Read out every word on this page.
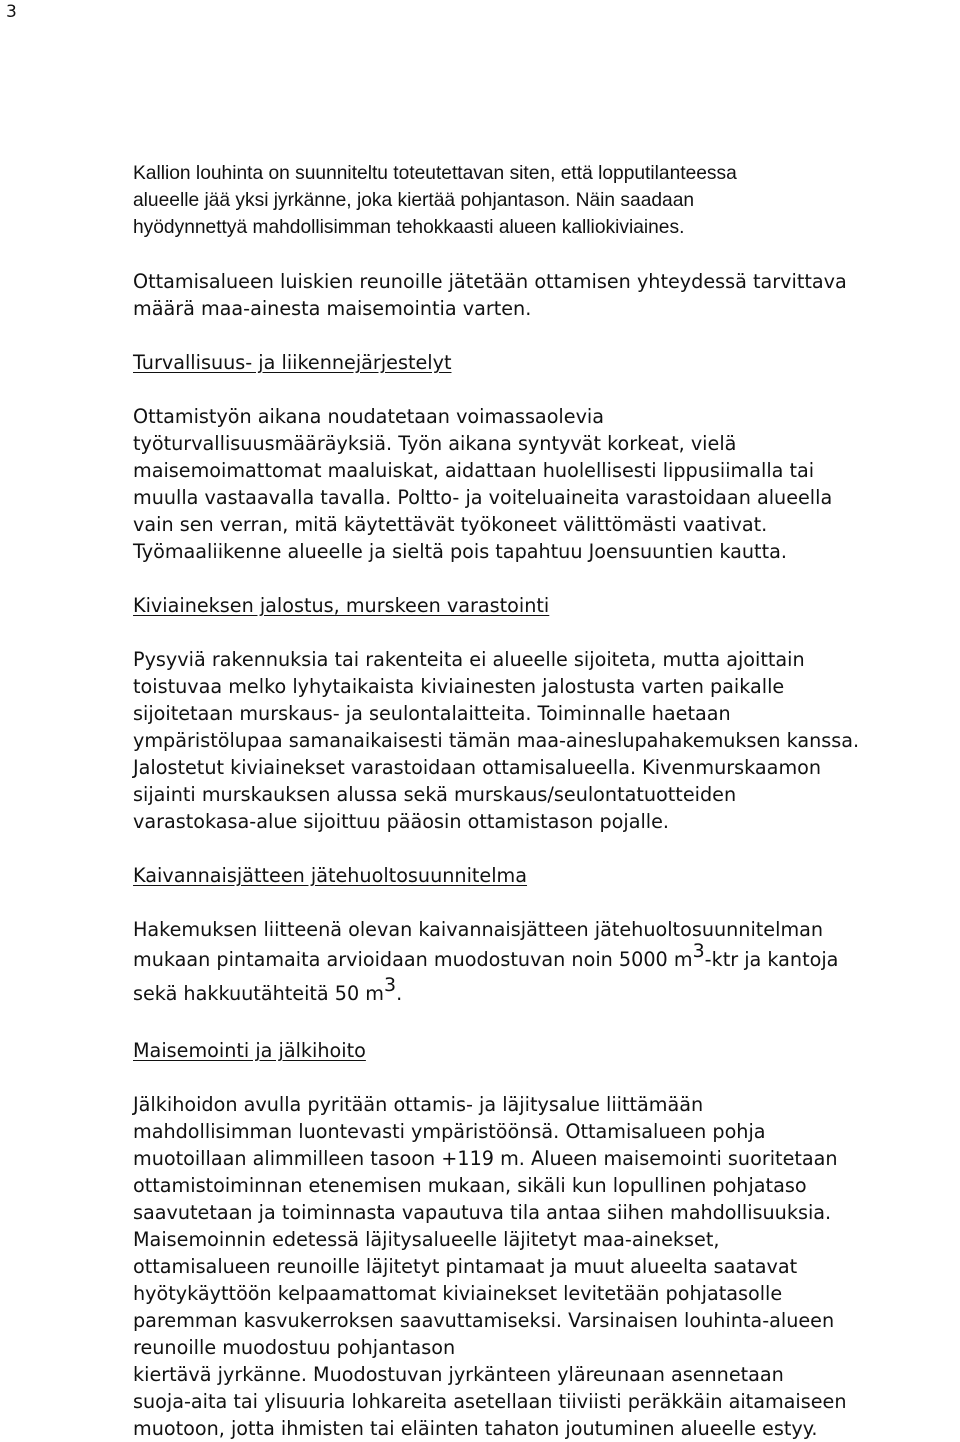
3
Kallion louhinta on suunniteltu toteutettavan siten, että lopputilanteessa
alueelle jää yksi jyrkänne, joka kiertää pohjantason. Näin saadaan
hyödynnettyä mahdollisimman tehokkaasti alueen kalliokiviaines.
Ottamisalueen luiskien reunoille jätetään ottamisen yhteydessä tarvittava
määrä maa-ainesta maisemointia varten.
Turvallisuus- ja liikennejärjestelyt
Ottamistyön aikana noudatetaan voimassaolevia
työturvallisuusmääräyksiä. Työn aikana syntyvät korkeat, vielä
maisemoimattomat maaluiskat, aidattaan huolellisesti lippusiimalla tai
muulla vastaavalla tavalla. Poltto- ja voiteluaineita varastoidaan alueella
vain sen verran, mitä käytettävät työkoneet välittömästi vaativat.
Työmaaliikenne alueelle ja sieltä pois tapahtuu Joensuuntien kautta.
Kiviaineksen jalostus, murskeen varastointi
Pysyviä rakennuksia tai rakenteita ei alueelle sijoiteta, mutta ajoittain
toistuvaa melko lyhytaikaista kiviainesten jalostusta varten paikalle
sijoitetaan murskaus- ja seulontalaitteita. Toiminnalle haetaan
ympäristölupaa samanaikaisesti tämän maa-aineslupahakemuksen kanssa.
Jalostetut kiviainekset varastoidaan ottamisalueella. Kivenmurskaamon
sijainti murskauksen alussa sekä murskaus/seulontatuotteiden
varastokasa-alue sijoittuu pääosin ottamistason pojalle.
Kaivannaisjätteen jätehuoltosuunnitelma
Hakemuksen liitteenä olevan kaivannaisjätteen jätehuoltosuunnitelman
mukaan pintamaita arvioidaan muodostuvan noin 5000 $m^3$-ktr ja kantoja
sekä hakkuutähteitä 50 $m^3$.
Maisemointi ja jälkihoito
Jälkihoidon avulla pyritään ottamis- ja läjitysalue liittämään
mahdollisimman luontevasti ympäristöönsä. Ottamisalueen pohja
muotoillaan alimmilleen tasoon +119 m. Alueen maisemointi suoritetaan
ottamistoiminnan etenemisen mukaan, sikäli kun lopullinen pohjataso
saavutetaan ja toiminnasta vapautuva tila antaa siihen mahdollisuuksia.
Maisemoinnin edetessä läjitysalueelle läjitetyt maa-ainekset,
ottamisalueen reunoille läjitetyt pintamaat ja muut alueelta saatavat
hyötykäyttöön kelpaamattomat kiviainekset levitetään pohjatasolle
paremman kasvukerroksen saavuttamiseksi. Varsinaisen louhinta-alueen
reunoille muodostuu pohjantason
kiertävä jyrkänne. Muodostuvan jyrkänteen yläreunaan asennetaan
suoja-aita tai ylisuuria lohkareita asetellaan tiiviisti peräkkäin aitamaiseen
muotoon, jotta ihmisten tai eläinten tahaton joutuminen alueelle estyy.
